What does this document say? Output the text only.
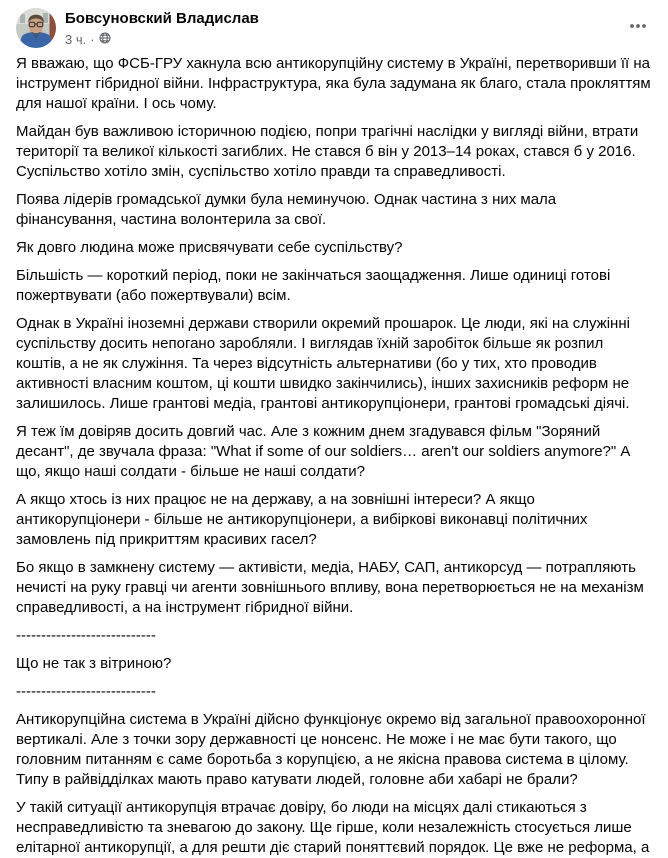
Бовсуновский Владислав
3 ч. ·

Я вважаю, що ФСБ-ГРУ хакнула всю антикорупційну систему в Україні, перетворивши її на інструмент гібридної війни. Інфраструктура, яка була задумана як благо, стала прокляттям для нашої країни. І ось чому.

Майдан був важливою історичною подією, попри трагічні наслідки у вигляді війни, втрати території та великої кількості загиблих. Не стався б він у 2013–14 роках, стався б у 2016. Суспільство хотіло змін, суспільство хотіло правди та справедливості.

Поява лідерів громадської думки була неминучою. Однак частина з них мала фінансування, частина волонтерила за свої.

Як довго людина може присвячувати себе суспільству?

Більшість — короткий період, поки не закінчаться заощадження. Лише одиниці готові пожертвувати (або пожертвували) всім.

Однак в Україні іноземні держави створили окремий прошарок. Це люди, які на служінні суспільству досить непогано заробляли. І виглядав їхній заробіток більше як розпил коштів, а не як служіння. Та через відсутність альтернативи (бо у тих, хто проводив активності власним коштом, ці кошти швидко закінчились), інших захисників реформ не залишилось. Лише грантові медіа, грантові антикорупціонери, грантові громадські діячі.

Я теж їм довіряв досить довгий час. Але з кожним днем згадувався фільм "Зоряний десант", де звучала фраза: "What if some of our soldiers… aren't our soldiers anymore?" А що, якщо наші солдати - більше не наші солдати?

А якщо хтось із них працює не на державу, а на зовнішні інтереси? А якщо антикорупціонери - більше не антикорупціонери, а вибіркові виконавці політичних замовлень під прикриттям красивих гасел?

Бо якщо в замкнену систему — активісти, медіа, НАБУ, САП, антикорсуд — потрапляють нечисті на руку гравці чи агенти зовнішнього впливу, вона перетворюється не на механізм справедливості, а на інструмент гібридної війни.

----------------------------

Що не так з вітриною?

----------------------------

Антикорупційна система в Україні дійсно функціонує окремо від загальної правоохоронної вертикалі. Але з точки зору державності це нонсенс. Не може і не має бути такого, що головним питанням є саме боротьба з корупцією, а не якісна правова система в цілому. Типу в райвідділках мають право катувати людей, головне аби хабарі не брали?

У такій ситуації антикорупція втрачає довіру, бо люди на місцях далі стикаються з несправедливістю та зневагою до закону. Ще гірше, коли незалежність стосується лише елітарної антикорупції, а для решти діє старий поняттєвий порядок. Це вже не реформа, а
